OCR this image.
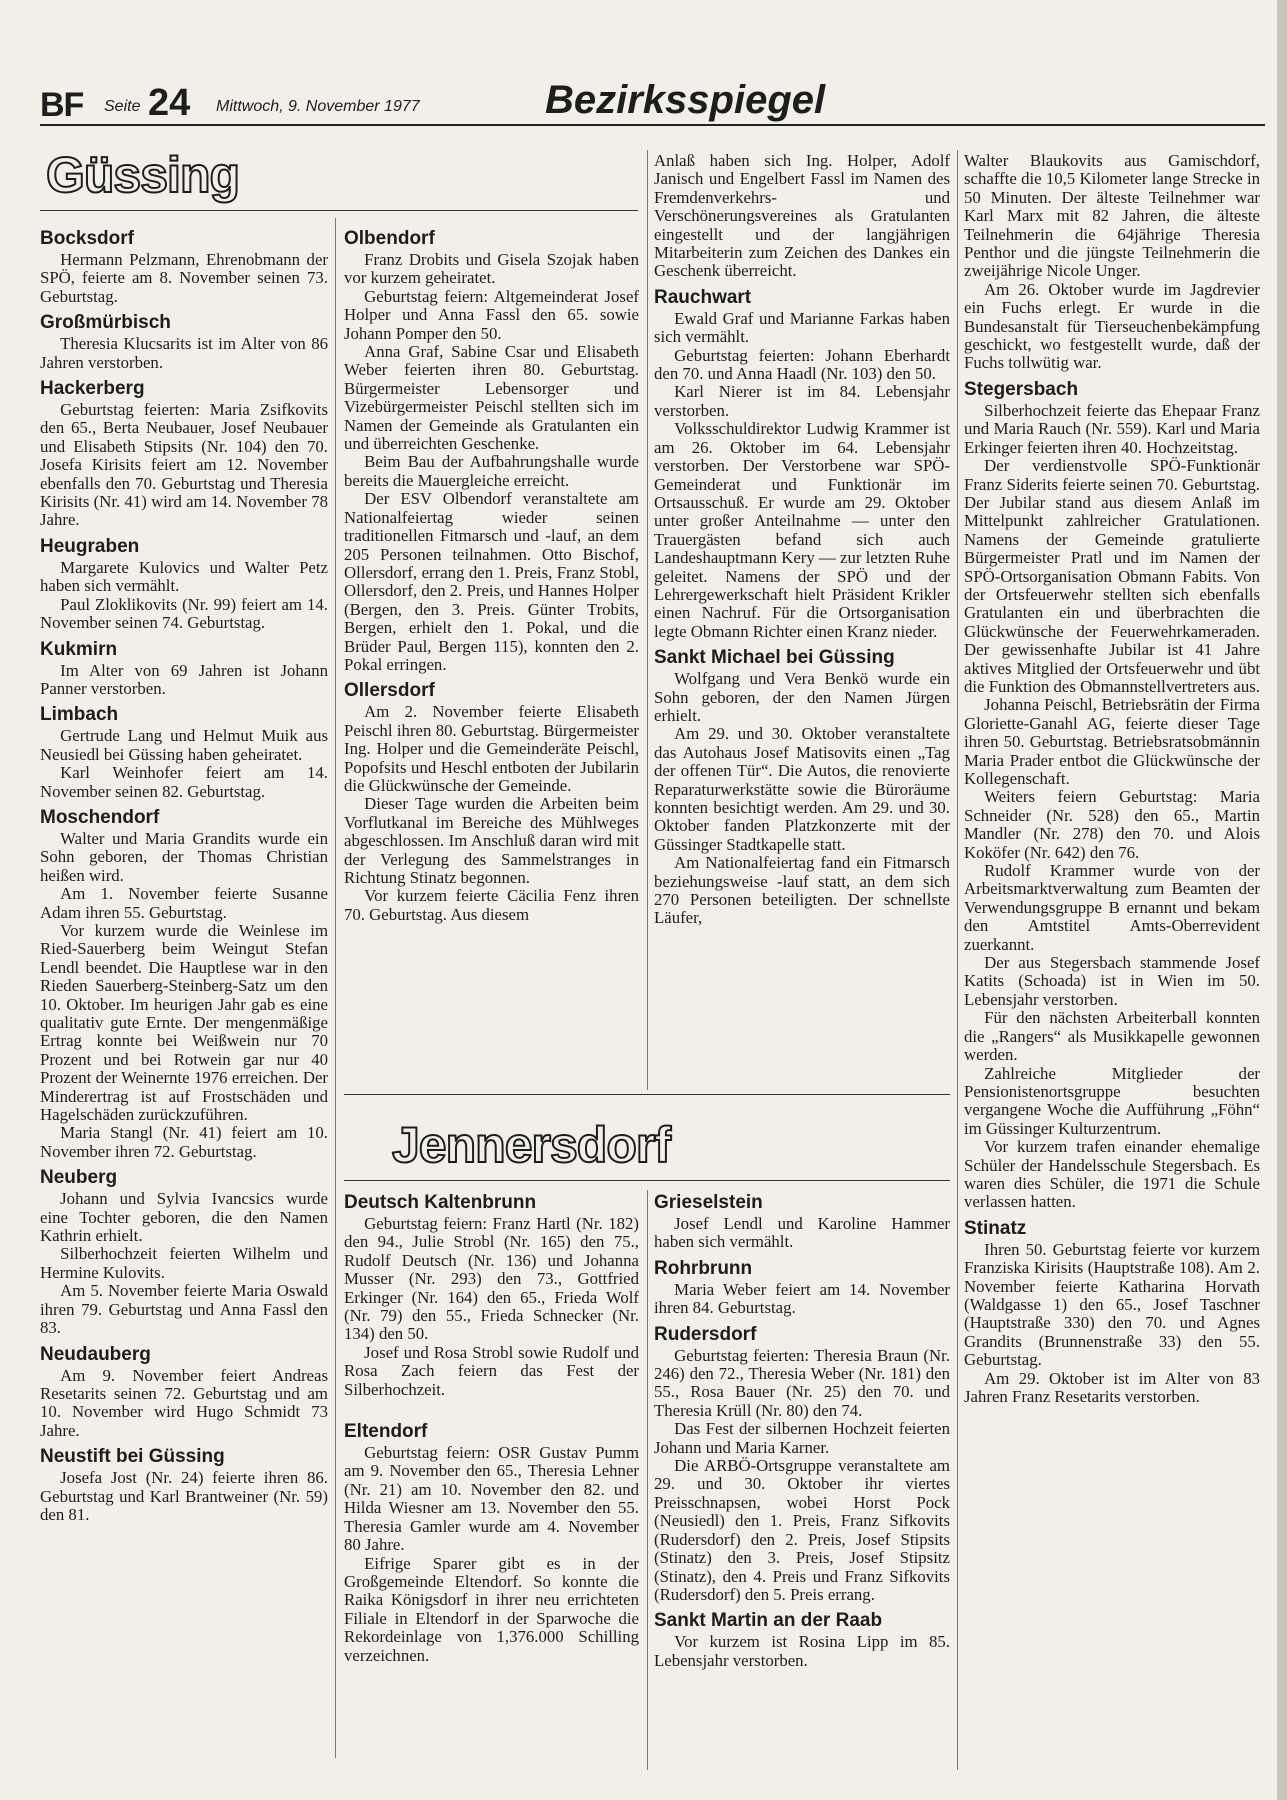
BF Seite 24 Mittwoch, 9. November 1977	Bezirksspiegel
Güssing
Bocksdorf

Hermann Pelzmann, Ehrenobmann der SPÖ, feierte am 8. November seinen 73. Geburtstag.

Großmürbisch

Theresia Klucsarits ist im Alter von 86 Jahren verstorben.

Hackerberg

Geburtstag feierten: Maria Zsifkovits den 65., Berta Neubauer, Josef Neubauer und Elisabeth Stipsits (Nr. 104) den 70. Josefa Kirisits feiert am 12. November ebenfalls den 70. Geburtstag und Theresia Kirisits (Nr. 41) wird am 14. November 78 Jahre.

Heugraben

Margarete Kulovics und Walter Petz haben sich vermählt.

Paul Zloklikovits (Nr. 99) feiert am 14. November seinen 74. Geburtstag.

Kukmirn

Im Alter von 69 Jahren ist Johann Panner verstorben.

Limbach

Gertrude Lang und Helmut Muik aus Neusiedl bei Güssing haben geheiratet.

Karl Weinhofer feiert am 14. November seinen 82. Geburtstag.

Moschendorf

Walter und Maria Grandits wurde ein Sohn geboren, der Thomas Christian heißen wird.

Am 1. November feierte Susanne Adam ihren 55. Geburtstag.

Vor kurzem wurde die Weinlese im Ried-Sauerberg beim Weingut Stefan Lendl beendet. Die Hauptlese war in den Rieden Sauerberg-Steinberg-Satz um den 10. Oktober. Im heurigen Jahr gab es eine qualitativ gute Ernte. Der mengenmäßige Ertrag konnte bei Weißwein nur 70 Prozent und bei Rotwein gar nur 40 Prozent der Weinernte 1976 erreichen. Der Minderertrag ist auf Frostschäden und Hagelschäden zurückzuführen.

Maria Stangl (Nr. 41) feiert am 10. November ihren 72. Geburtstag.

Neuberg

Johann und Sylvia Ivancsics wurde eine Tochter geboren, die den Namen Kathrin erhielt.

Silberhochzeit feierten Wilhelm und Hermine Kulovits.

Am 5. November feierte Maria Oswald ihren 79. Geburtstag und Anna Fassl den 83.

Neudauberg

Am 9. November feiert Andreas Resetarits seinen 72. Geburtstag und am 10. November wird Hugo Schmidt 73 Jahre.

Neustift bei Güssing

Josefa Jost (Nr. 24) feierte ihren 86. Geburtstag und Karl Brantweiner (Nr. 59) den 81.

Olbendorf

Franz Drobits und Gisela Szojak haben vor kurzem geheiratet.

Geburtstag feiern: Altgemeinderat Josef Holper und Anna Fassl den 65. sowie Johann Pomper den 50.

Anna Graf, Sabine Csar und Elisabeth Weber feierten ihren 80. Geburtstag. Bürgermeister Lebensorger und Vizebürgermeister Peischl stellten sich im Namen der Gemeinde als Gratulanten ein und überreichten Geschenke.

Beim Bau der Aufbahrungshalle wurde bereits die Mauergleiche erreicht.

Der ESV Olbendorf veranstaltete am Nationalfeiertag wieder seinen traditionellen Fitmarsch und -lauf, an dem 205 Personen teilnahmen. Otto Bischof, Ollersdorf, errang den 1. Preis, Franz Stobl, Ollersdorf, den 2. Preis, und Hannes Holper (Bergen, den 3. Preis. Günter Trobits, Bergen, erhielt den 1. Pokal, und die Brüder Paul, Bergen 115), konnten den 2. Pokal erringen.

Ollersdorf

Am 2. November feierte Elisabeth Peischl ihren 80. Geburtstag. Bürgermeister Ing. Holper und die Gemeinderäte Peischl, Popofsits und Heschl entboten der Jubilarin die Glückwünsche der Gemeinde.

Dieser Tage wurden die Arbeiten beim Vorflutkanal im Bereiche des Mühlweges abgeschlossen. Im Anschluß daran wird mit der Verlegung des Sammelstranges in Richtung Stinatz begonnen.

Vor kurzem feierte Cäcilia Fenz ihren 70. Geburtstag. Aus diesem

Anlaß haben sich Ing. Holper, Adolf Janisch und Engelbert Fassl im Namen des Fremdenverkehrs- und Verschönerungsvereines als Gratulanten eingestellt und der langjährigen Mitarbeiterin zum Zeichen des Dankes ein Geschenk überreicht.

Rauchwart

Ewald Graf und Marianne Farkas haben sich vermählt.

Geburtstag feierten: Johann Eberhardt den 70. und Anna Haadl (Nr. 103) den 50.

Karl Nierer ist im 84. Lebensjahr verstorben.

Volksschuldirektor Ludwig Krammer ist am 26. Oktober im 64. Lebensjahr verstorben. Der Verstorbene war SPÖ-Gemeinderat und Funktionär im Ortsausschuß. Er wurde am 29. Oktober unter großer Anteilnahme — unter den Trauergästen befand sich auch Landeshauptmann Kery — zur letzten Ruhe geleitet. Namens der SPÖ und der Lehrergewerkschaft hielt Präsident Krikler einen Nachruf. Für die Ortsorganisation legte Obmann Richter einen Kranz nieder.

Sankt Michael bei Güssing

Wolfgang und Vera Benkö wurde ein Sohn geboren, der den Namen Jürgen erhielt.

Am 29. und 30. Oktober veranstaltete das Autohaus Josef Matisovits einen „Tag der offenen Tür“. Die Autos, die renovierte Reparaturwerkstätte sowie die Büroräume konnten besichtigt werden. Am 29. und 30. Oktober fanden Platzkonzerte mit der Güssinger Stadtkapelle statt.

Am Nationalfeiertag fand ein Fitmarsch beziehungsweise -lauf statt, an dem sich 270 Personen beteiligten. Der schnellste Läufer,

Walter Blaukovits aus Gamischdorf, schaffte die 10,5 Kilometer lange Strecke in 50 Minuten. Der älteste Teilnehmer war Karl Marx mit 82 Jahren, die älteste Teilnehmerin die 64jährige Theresia Penthor und die jüngste Teilnehmerin die zweijährige Nicole Unger.

Am 26. Oktober wurde im Jagdrevier ein Fuchs erlegt. Er wurde in die Bundesanstalt für Tierseuchenbekämpfung geschickt, wo festgestellt wurde, daß der Fuchs tollwütig war.

Stegersbach

Silberhochzeit feierte das Ehepaar Franz und Maria Rauch (Nr. 559). Karl und Maria Erkinger feierten ihren 40. Hochzeitstag.

Der verdienstvolle SPÖ-Funktionär Franz Siderits feierte seinen 70. Geburtstag. Der Jubilar stand aus diesem Anlaß im Mittelpunkt zahlreicher Gratulationen. Namens der Gemeinde gratulierte Bürgermeister Pratl und im Namen der SPÖ-Ortsorganisation Obmann Fabits. Von der Ortsfeuerwehr stellten sich ebenfalls Gratulanten ein und überbrachten die Glückwünsche der Feuerwehrkameraden. Der gewissenhafte Jubilar ist 41 Jahre aktives Mitglied der Ortsfeuerwehr und übt die Funktion des Obmannstellvertreters aus.

Johanna Peischl, Betriebsrätin der Firma Gloriette-Ganahl AG, feierte dieser Tage ihren 50. Geburtstag. Betriebsratsobmännin Maria Prader entbot die Glückwünsche der Kollegenschaft.

Weiters feiern Geburtstag: Maria Schneider (Nr. 528) den 65., Martin Mandler (Nr. 278) den 70. und Alois Koköfer (Nr. 642) den 76.

Rudolf Krammer wurde von der Arbeitsmarktverwaltung zum Beamten der Verwendungsgruppe B ernannt und bekam den Amtstitel Amts-Oberrevident zuerkannt.

Der aus Stegersbach stammende Josef Katits (Schoada) ist in Wien im 50. Lebensjahr verstorben.

Für den nächsten Arbeiterball konnten die „Rangers“ als Musikkapelle gewonnen werden.

Zahlreiche Mitglieder der Pensionistenortsgruppe besuchten vergangene Woche die Aufführung „Föhn“ im Güssinger Kulturzentrum.

Vor kurzem trafen einander ehemalige Schüler der Handelsschule Stegersbach. Es waren dies Schüler, die 1971 die Schule verlassen hatten.

Stinatz

Ihren 50. Geburtstag feierte vor kurzem Franziska Kirisits (Hauptstraße 108). Am 2. November feierte Katharina Horvath (Waldgasse 1) den 65., Josef Taschner (Hauptstraße 330) den 70. und Agnes Grandits (Brunnenstraße 33) den 55. Geburtstag.

Am 29. Oktober ist im Alter von 83 Jahren Franz Resetarits verstorben.

Jennersdorf
Deutsch Kaltenbrunn

Geburtstag feiern: Franz Hartl (Nr. 182) den 94., Julie Strobl (Nr. 165) den 75., Rudolf Deutsch (Nr. 136) und Johanna Musser (Nr. 293) den 73., Gottfried Erkinger (Nr. 164) den 65., Frieda Wolf (Nr. 79) den 55., Frieda Schnecker (Nr. 134) den 50.

Josef und Rosa Strobl sowie Rudolf und Rosa Zach feiern das Fest der Silberhochzeit.

Eltendorf

Geburtstag feiern: OSR Gustav Pumm am 9. November den 65., Theresia Lehner (Nr. 21) am 10. November den 82. und Hilda Wiesner am 13. November den 55. Theresia Gamler wurde am 4. November 80 Jahre.

Eifrige Sparer gibt es in der Großgemeinde Eltendorf. So konnte die Raika Königsdorf in ihrer neu errichteten Filiale in Eltendorf in der Sparwoche die Rekordeinlage von 1,376.000 Schilling verzeichnen.

Grieselstein

Josef Lendl und Karoline Hammer haben sich vermählt.

Rohrbrunn

Maria Weber feiert am 14. November ihren 84. Geburtstag.

Rudersdorf

Geburtstag feierten: Theresia Braun (Nr. 246) den 72., Theresia Weber (Nr. 181) den 55., Rosa Bauer (Nr. 25) den 70. und Theresia Krüll (Nr. 80) den 74.

Das Fest der silbernen Hochzeit feierten Johann und Maria Karner.

Die ARBÖ-Ortsgruppe veranstaltete am 29. und 30. Oktober ihr viertes Preisschnapsen, wobei Horst Pock (Neusiedl) den 1. Preis, Franz Sifkovits (Rudersdorf) den 2. Preis, Josef Stipsits (Stinatz) den 3. Preis, Josef Stipsitz (Stinatz), den 4. Preis und Franz Sifkovits (Rudersdorf) den 5. Preis errang.

Sankt Martin an der Raab

Vor kurzem ist Rosina Lipp im 85. Lebensjahr verstorben.
